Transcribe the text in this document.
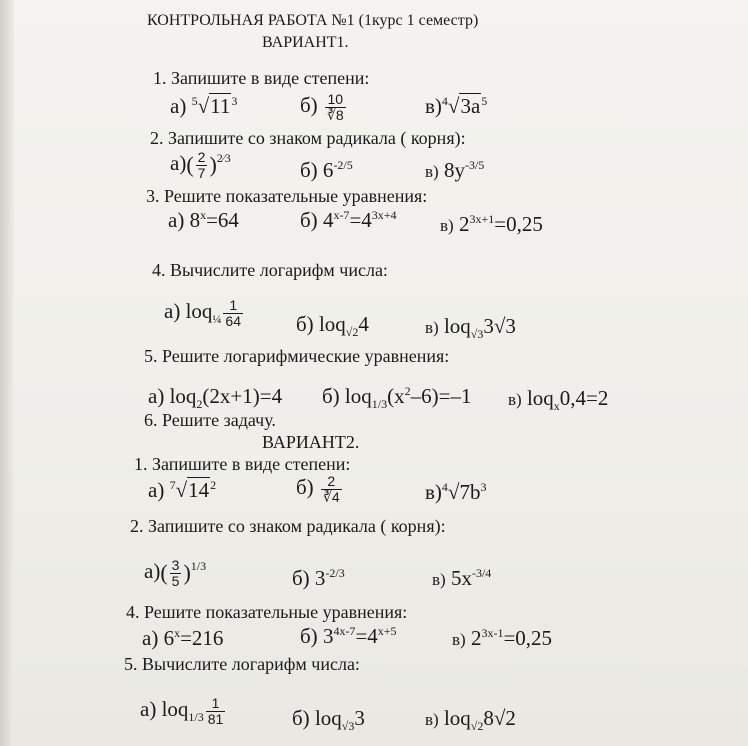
КОНТРОЛЬНАЯ РАБОТА №1 (1курс 1 семестр)
ВАРИАНТ1.
1. Запишите в виде степени:
а) $^5√11^3$	$б) \frac{10}{∛8}$	$в)^4√3a^5$
2. Запишите со знаком радикала ( корня):
$а)( \frac{2}{7} )^{2⁄3}$	б) $6^{-2/5}$	в) $8y^{-3/5}$
3. Решите показательные уравнения:
а) $8^x=64$	б) $4^{x-7}=4^{3x+4}$
в) $2^{3x+1}=0,25$
4. Вычислите логарифм числа:
а) $loq_{\frac{1}{4}} \frac{1}{64}$	б) loq$_{√2}$4	в) loq$_{√3}$3√3
5. Решите логарифмические уравнения:
а) loq$_2$(2x+1)=4 б) $loq_{1/3}(x^2-6)=-1$ в) loq$_x$0,4=2
6. Решите задачу.
ВАРИАНТ2.
1. Запишите в виде степени:
а) $^7√14^2$	$б) \frac{2}{∛4}$	$в)^4√7b^3$
2. Запишите со знаком радикала ( корня):
$а)( \frac{3}{5} )^{1/3}$	б) $3^{-2/3}$	в) $5x^{-3/4}$
4. Решите показательные уравнения:
а) $6^x=216$	б) $3^{4x-7}=4^{x+5}$	в) $2^{3x-1}=0,25$
5. Вычислите логарифм числа:
а) $loq_{1/3} \frac{1}{81}$	б) loq$_{√3}$3	в) loq$_{√2}$8√2
